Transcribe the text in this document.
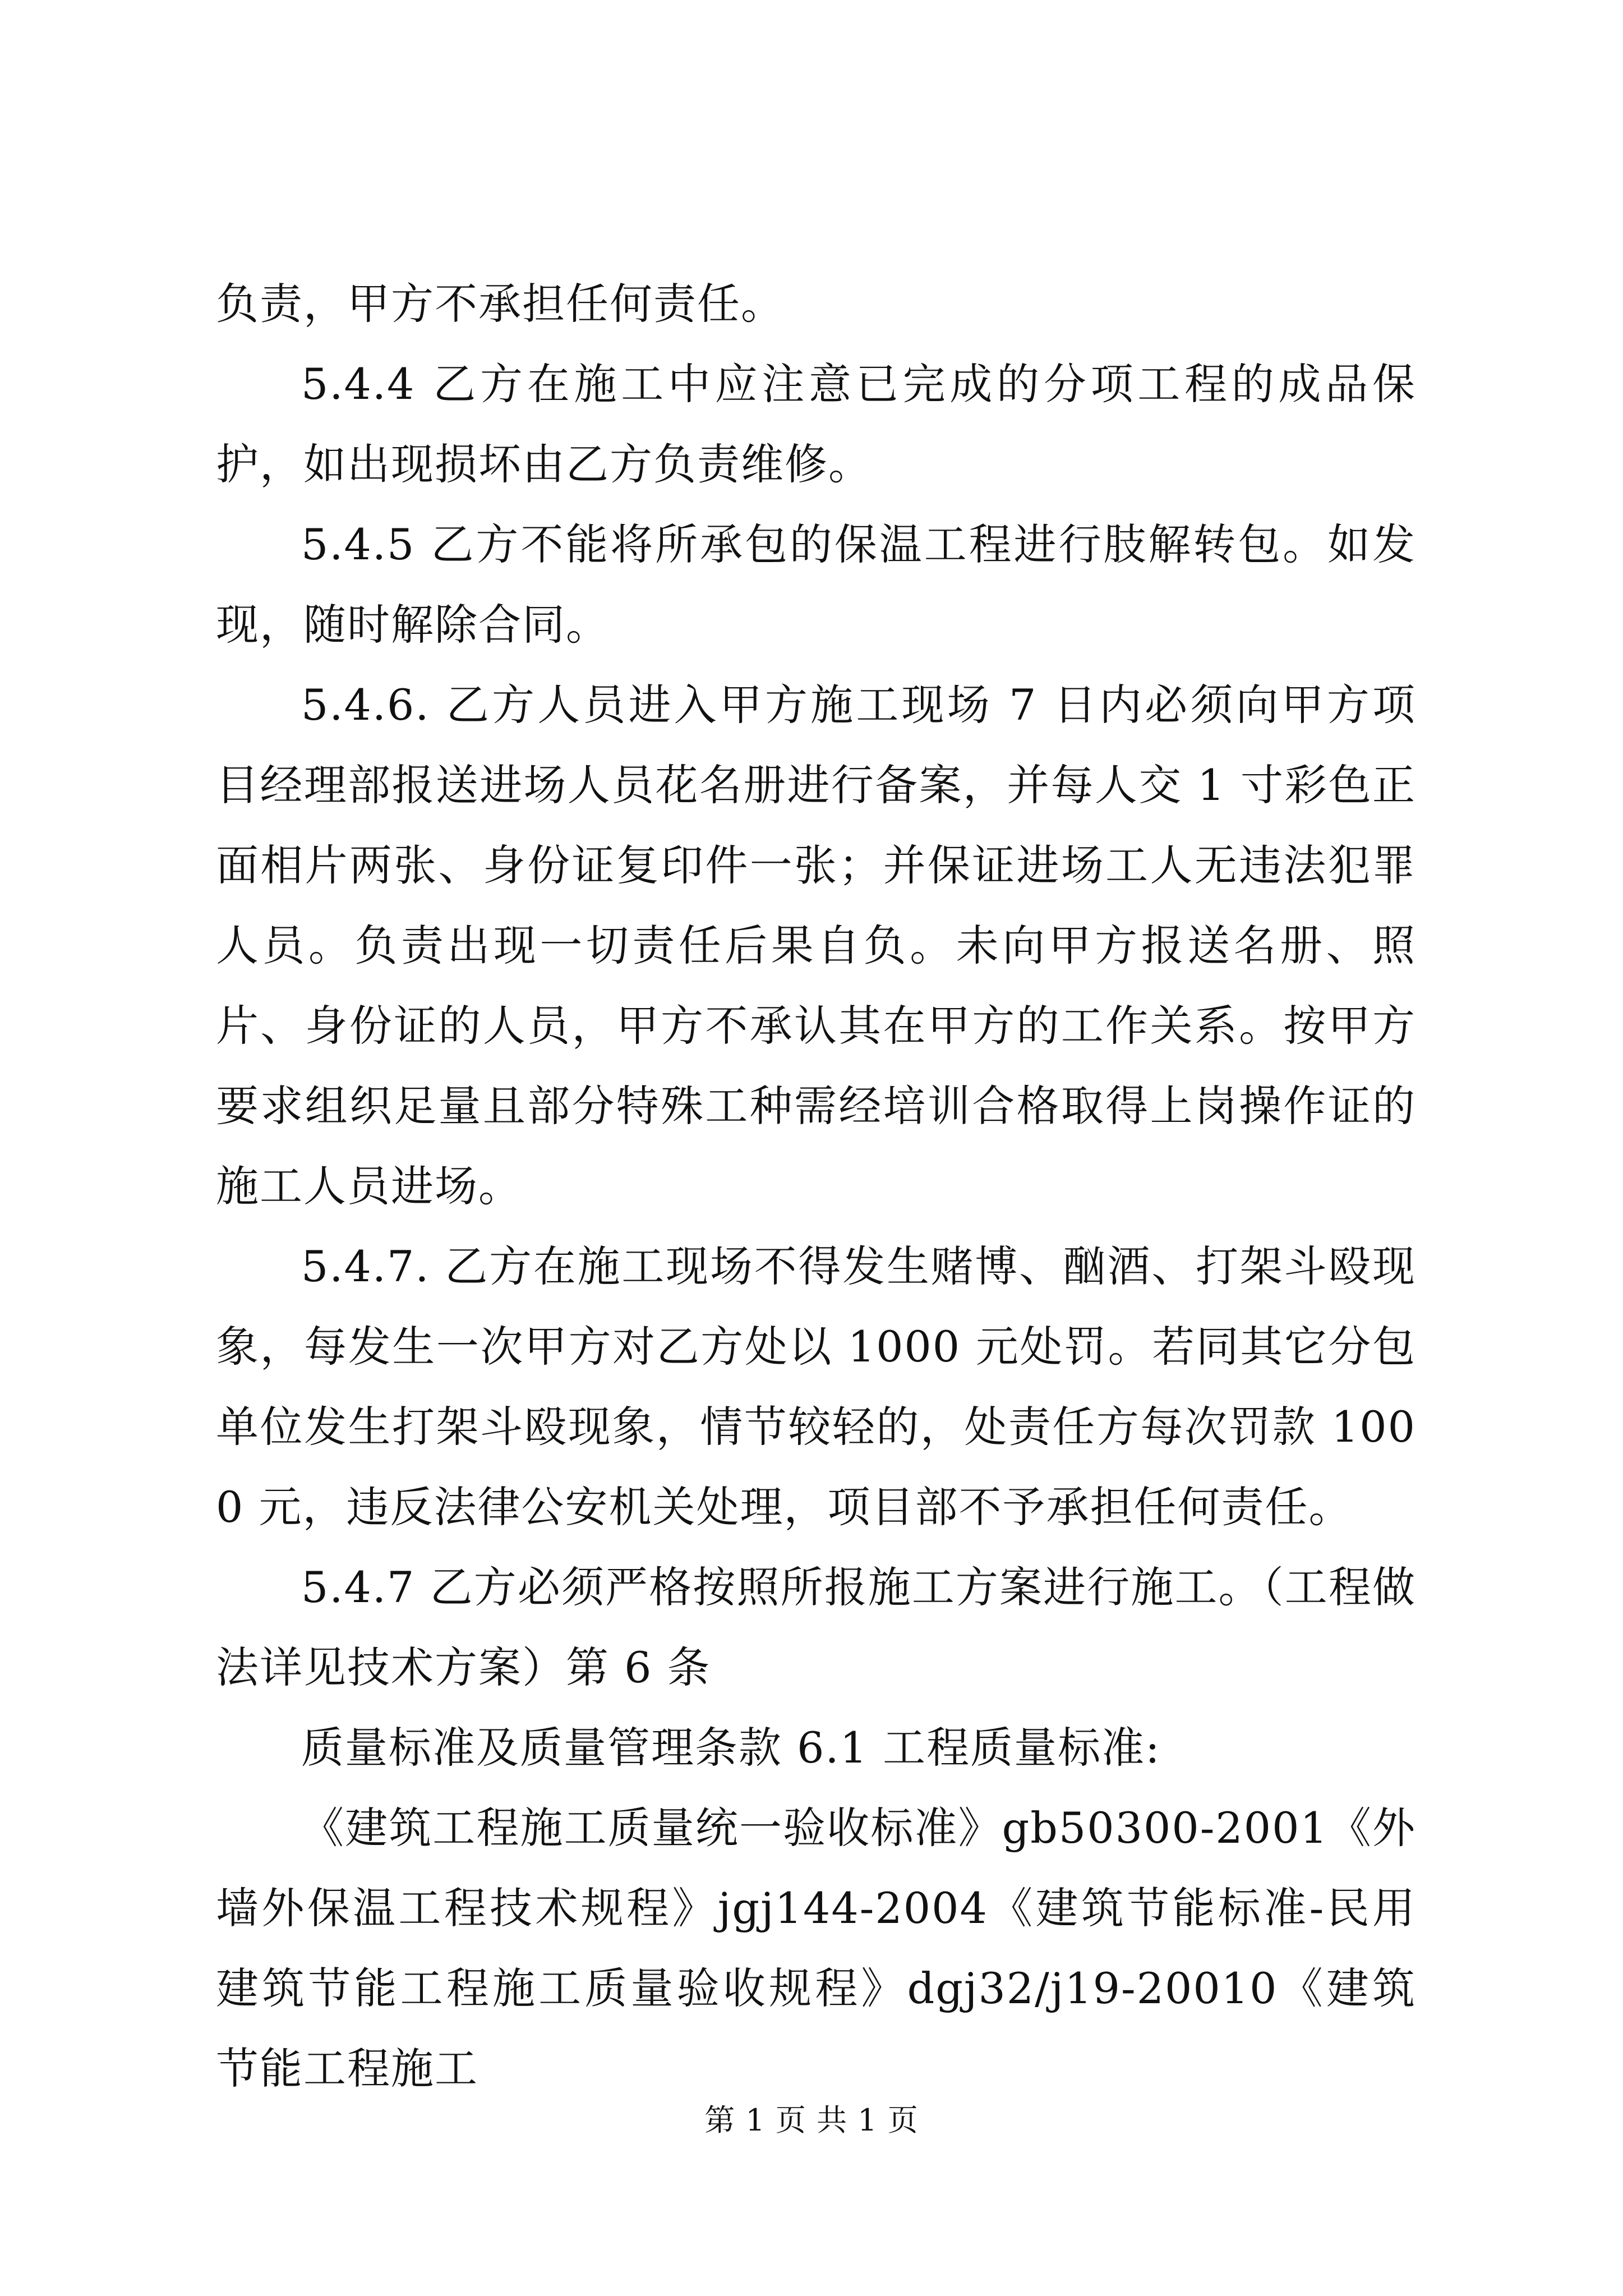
负责，甲方不承担任何责任。

5.4.4 乙方在施工中应注意已完成的分项工程的成品保护，如出现损坏由乙方负责维修。

5.4.5 乙方不能将所承包的保温工程进行肢解转包。如发现，随时解除合同。

5.4.6. 乙方人员进入甲方施工现场 7 日内必须向甲方项目经理部报送进场人员花名册进行备案，并每人交 1 寸彩色正面相片两张、身份证复印件一张；并保证进场工人无违法犯罪人员。负责出现一切责任后果自负。未向甲方报送名册、照片、身份证的人员，甲方不承认其在甲方的工作关系。按甲方要求组织足量且部分特殊工种需经培训合格取得上岗操作证的施工人员进场。

5.4.7. 乙方在施工现场不得发生赌博、酗酒、打架斗殴现象，每发生一次甲方对乙方处以 1000 元处罚。若同其它分包单位发生打架斗殴现象，情节较轻的，处责任方每次罚款 1000 元，违反法律公安机关处理，项目部不予承担任何责任。

5.4.7 乙方必须严格按照所报施工方案进行施工。（工程做法详见技术方案）第 6 条

质量标准及质量管理条款 6.1 工程质量标准:

《建筑工程施工质量统一验收标准》gb50300-2001《外墙外保温工程技术规程》jgj144-2004《建筑节能标准-民用建筑节能工程施工质量验收规程》dgj32/j19-20010《建筑节能工程施工

第 1 页 共 1 页
